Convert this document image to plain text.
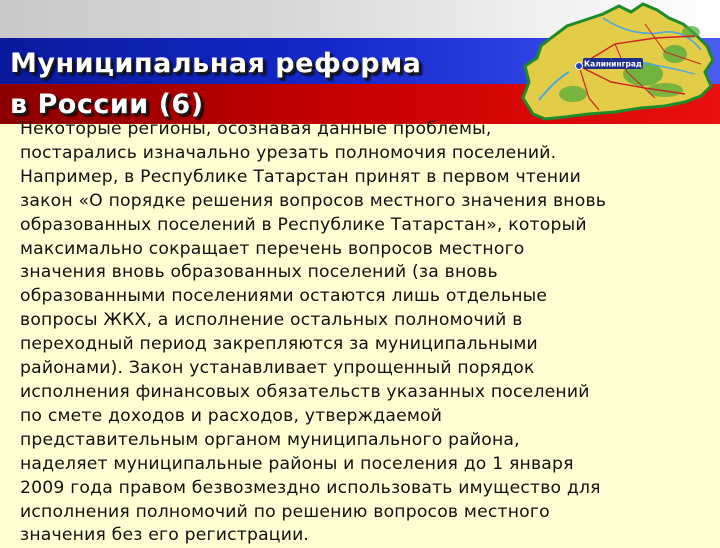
Калининград
Муниципальная реформа
в России (6)

Некоторые регионы, осознавая данные проблемы,
постарались изначально урезать полномочия поселений.
Например, в Республике Татарстан принят в первом чтении
закон «О порядке решения вопросов местного значения вновь
образованных поселений в Республике Татарстан», который
максимально сокращает перечень вопросов местного
значения вновь образованных поселений (за вновь
образованными поселениями остаются лишь отдельные
вопросы ЖКХ, а исполнение остальных полномочий в
переходный период закрепляются за муниципальными
районами). Закон устанавливает упрощенный порядок
исполнения финансовых обязательств указанных поселений
по смете доходов и расходов, утверждаемой
представительным органом муниципального района,
наделяет муниципальные районы и поселения до 1 января
2009 года правом безвозмездно использовать имущество для
исполнения полномочий по решению вопросов местного
значения без его регистрации.
